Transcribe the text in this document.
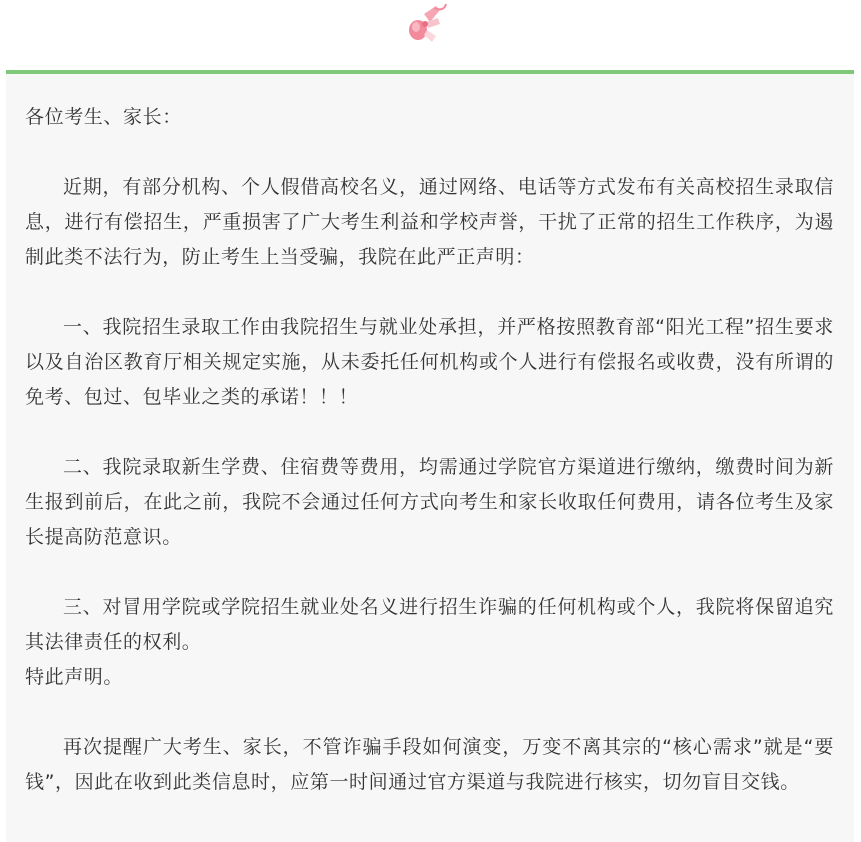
各位考生、家长：

近期，有部分机构、个人假借高校名义，通过网络、电话等方式发布有关高校招生录取信息，进行有偿招生，严重损害了广大考生利益和学校声誉，干扰了正常的招生工作秩序，为遏制此类不法行为，防止考生上当受骗，我院在此严正声明：

一、我院招生录取工作由我院招生与就业处承担，并严格按照教育部“阳光工程”招生要求以及自治区教育厅相关规定实施，从未委托任何机构或个人进行有偿报名或收费，没有所谓的免考、包过、包毕业之类的承诺！！！

二、我院录取新生学费、住宿费等费用，均需通过学院官方渠道进行缴纳，缴费时间为新生报到前后，在此之前，我院不会通过任何方式向考生和家长收取任何费用，请各位考生及家长提高防范意识。

三、对冒用学院或学院招生就业处名义进行招生诈骗的任何机构或个人，我院将保留追究其法律责任的权利。

特此声明。

再次提醒广大考生、家长，不管诈骗手段如何演变，万变不离其宗的“核心需求”就是“要钱”，因此在收到此类信息时，应第一时间通过官方渠道与我院进行核实，切勿盲目交钱。
